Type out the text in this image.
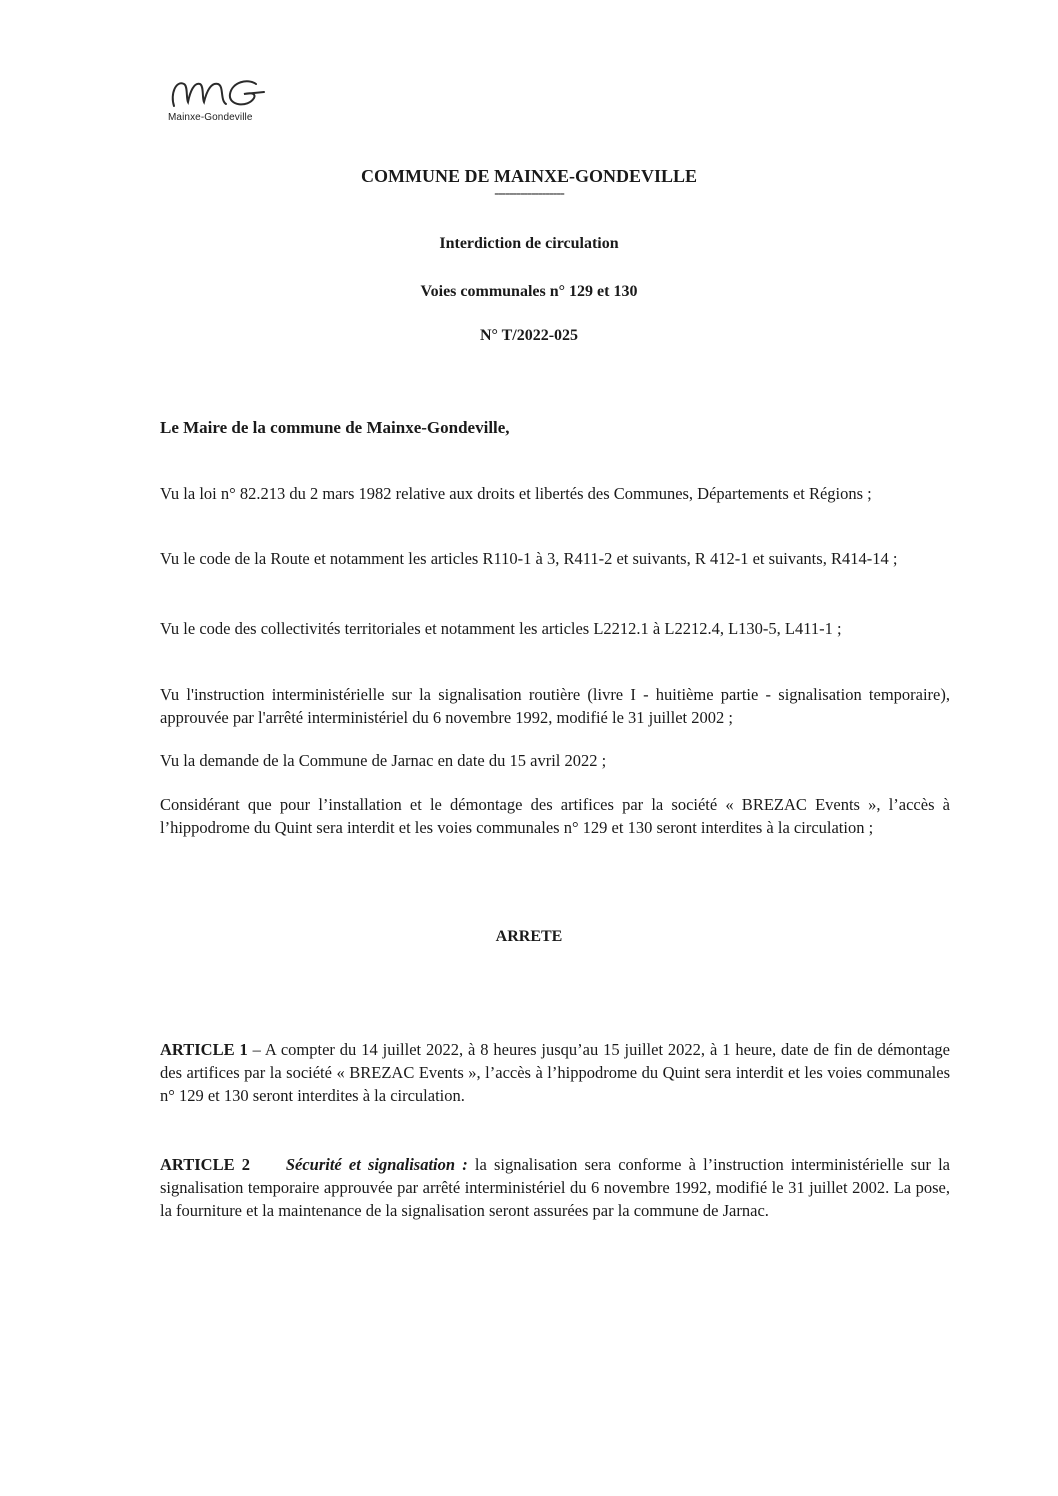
Mainxe-Gondeville
COMMUNE DE MAINXE-GONDEVILLE
-------------------
Interdiction de circulation
Voies communales n° 129 et 130
N° T/2022-025
Le Maire de la commune de Mainxe-Gondeville,
Vu la loi n° 82.213 du 2 mars 1982 relative aux droits et libertés des Communes, Départements et Régions ;
Vu le code de la Route et notamment les articles R110-1 à 3, R411-2 et suivants, R 412-1 et suivants, R414-14 ;
Vu le code des collectivités territoriales et notamment les articles L2212.1 à L2212.4, L130-5, L411-1 ;
Vu l'instruction interministérielle sur la signalisation routière (livre I - huitième partie - signalisation temporaire), approuvée par l'arrêté interministériel du 6 novembre 1992, modifié le 31 juillet 2002 ;
Vu la demande de la Commune de Jarnac en date du 15 avril 2022 ;
Considérant que pour l’installation et le démontage des artifices par la société « BREZAC Events », l’accès à l’hippodrome du Quint sera interdit et les voies communales n° 129 et 130 seront interdites à la circulation ;
ARRETE
ARTICLE 1 – A compter du 14 juillet 2022, à 8 heures jusqu’au 15 juillet 2022, à 1 heure, date de fin de démontage des artifices par la société « BREZAC Events », l’accès à l’hippodrome du Quint sera interdit et les voies communales n° 129 et 130 seront interdites à la circulation.
ARTICLE 2 Sécurité et signalisation : la signalisation sera conforme à l’instruction interministérielle sur la signalisation temporaire approuvée par arrêté interministériel du 6 novembre 1992, modifié le 31 juillet 2002. La pose, la fourniture et la maintenance de la signalisation seront assurées par la commune de Jarnac.
